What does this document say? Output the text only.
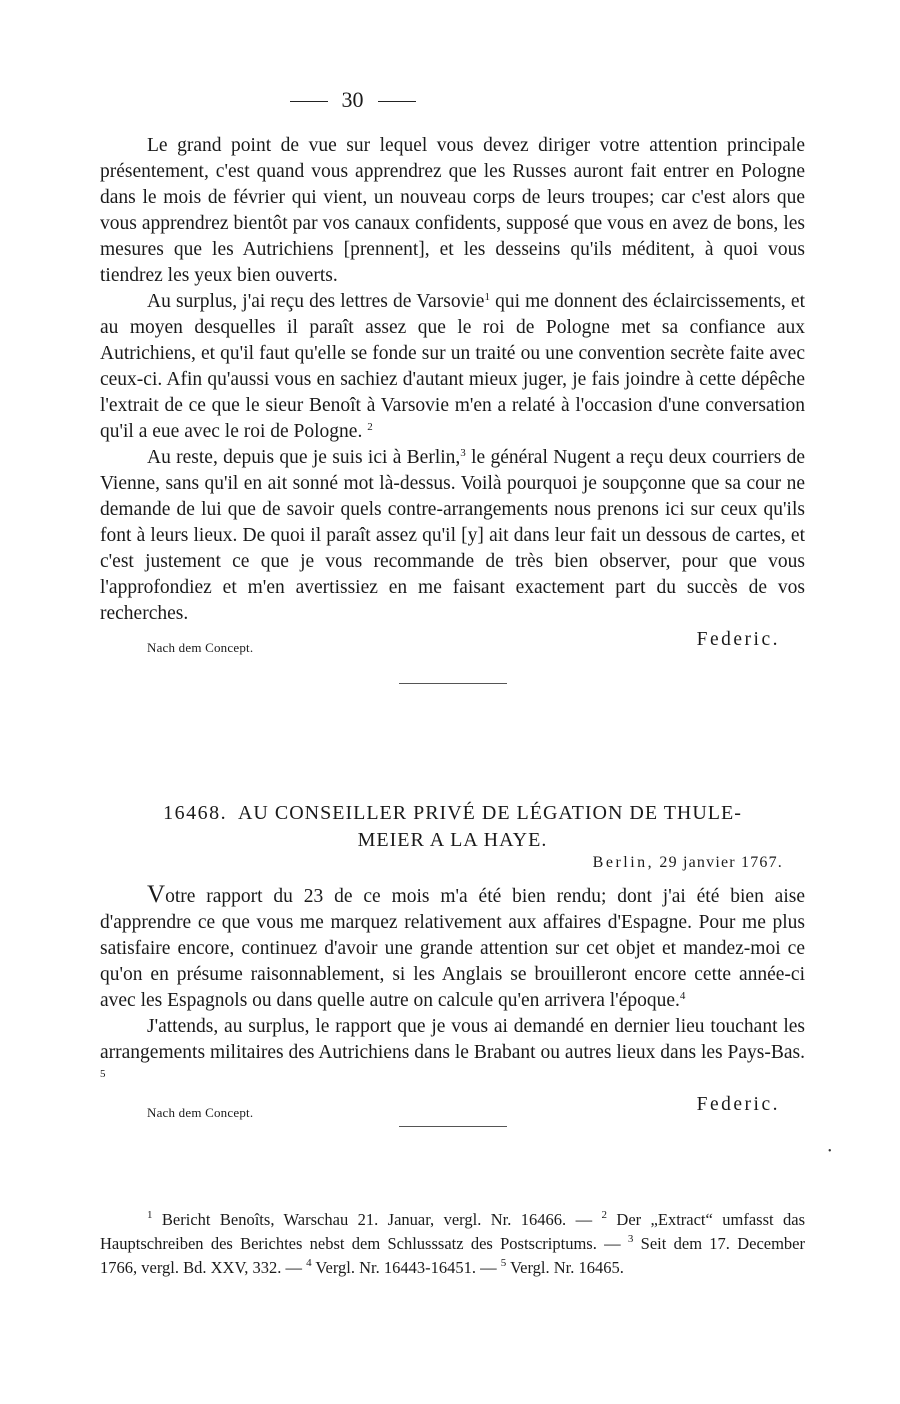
30

Le grand point de vue sur lequel vous devez diriger votre attention principale présentement, c'est quand vous apprendrez que les Russes auront fait entrer en Pologne dans le mois de février qui vient, un nouveau corps de leurs troupes; car c'est alors que vous apprendrez bientôt par vos canaux confidents, supposé que vous en avez de bons, les mesures que les Autrichiens [prennent], et les desseins qu'ils méditent, à quoi vous tiendrez les yeux bien ouverts.

Au surplus, j'ai reçu des lettres de Varsovie$^1$ qui me donnent des éclaircissements, et au moyen desquelles il paraît assez que le roi de Pologne met sa confiance aux Autrichiens, et qu'il faut qu'elle se fonde sur un traité ou une convention secrète faite avec ceux-ci. Afin qu'aussi vous en sachiez d'autant mieux juger, je fais joindre à cette dépêche l'extrait de ce que le sieur Benoît à Varsovie m'en a relaté à l'occasion d'une conversation qu'il a eue avec le roi de Pologne. $^2$

Au reste, depuis que je suis ici à Berlin,$^3$ le général Nugent a reçu deux courriers de Vienne, sans qu'il en ait sonné mot là-dessus. Voilà pourquoi je soupçonne que sa cour ne demande de lui que de savoir quels contre-arrangements nous prenons ici sur ceux qu'ils font à leurs lieux. De quoi il paraît assez qu'il [y] ait dans leur fait un dessous de cartes, et c'est justement ce que je vous recommande de très bien observer, pour que vous l'approfondiez et m'en avertissiez en me faisant exactement part du succès de vos recherches.

Nach dem Concept.	Federic.
16468. AU CONSEILLER PRIVÉ DE LÉGATION DE THULE-
MEIER A LA HAYE.
Berlin, 29 janvier 1767.

Votre rapport du 23 de ce mois m'a été bien rendu; dont j'ai été bien aise d'apprendre ce que vous me marquez relativement aux affaires d'Espagne. Pour me plus satisfaire encore, continuez d'avoir une grande attention sur cet objet et mandez-moi ce qu'on en présume raisonnablement, si les Anglais se brouilleront encore cette année-ci avec les Espagnols ou dans quelle autre on calcule qu'en arrivera l'époque.$^4$

J'attends, au surplus, le rapport que je vous ai demandé en dernier lieu touchant les arrangements militaires des Autrichiens dans le Brabant ou autres lieux dans les Pays-Bas. $^5$

Nach dem Concept.	Federic.
$^1$ Bericht Benoîts, Warschau 21. Januar, vergl. Nr. 16466. — $^2$ Der „Extract“ umfasst das Hauptschreiben des Berichtes nebst dem Schlusssatz des Postscriptums. — $^3$ Seit dem 17. December 1766, vergl. Bd. XXV, 332. — $^4$ Vergl. Nr. 16443-16451. — $^5$ Vergl. Nr. 16465.
•
